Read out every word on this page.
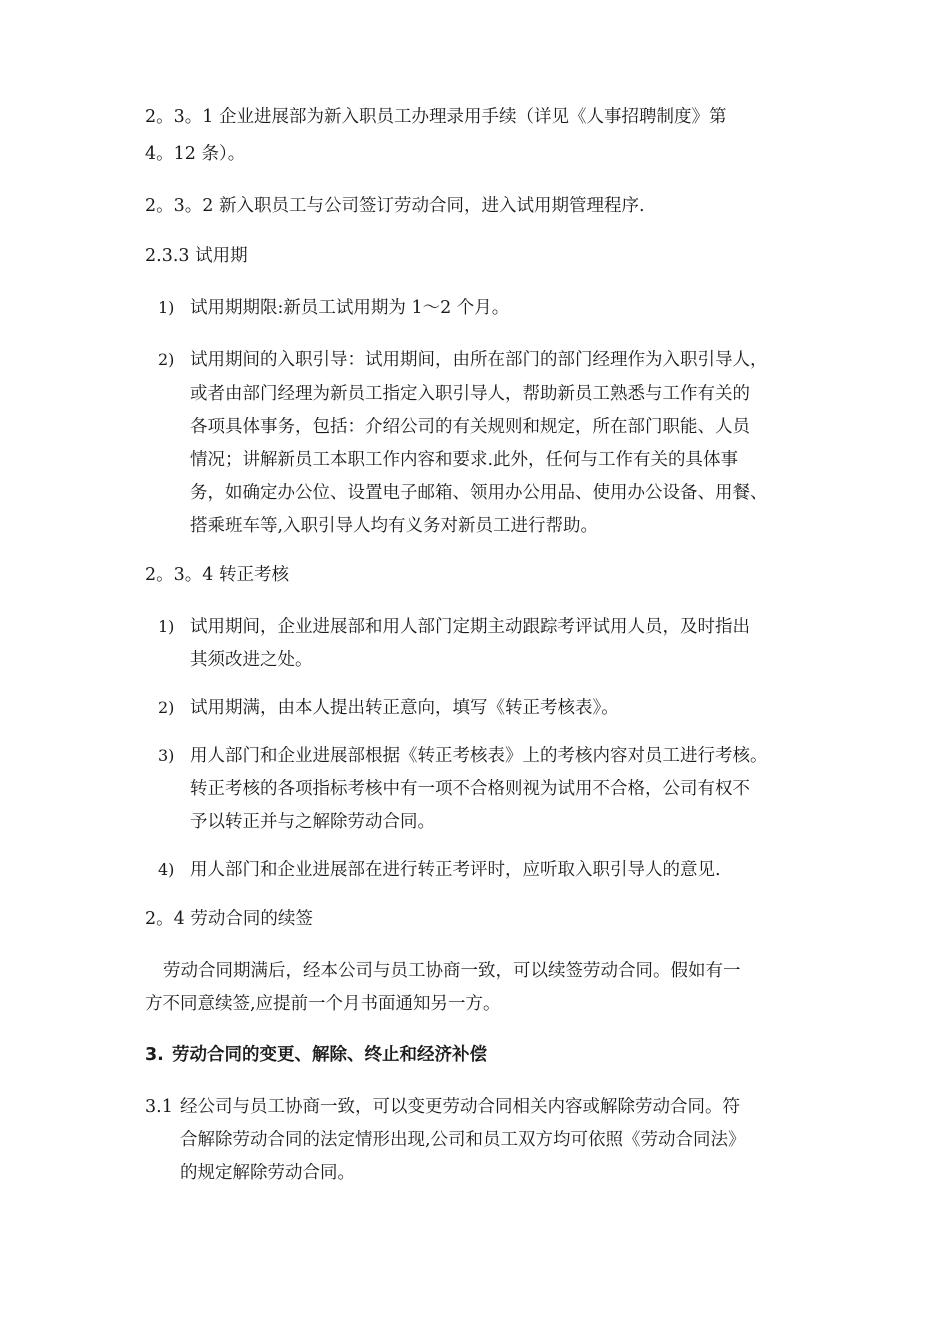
2。3。1 企业进展部为新入职员工办理录用手续（详见《人事招聘制度》第
4。12 条）。
2。3。2 新入职员工与公司签订劳动合同，进入试用期管理程序.
2.3.3 试用期
1) 试用期期限:新员工试用期为 1～2 个月。
2) 试用期间的入职引导：试用期间，由所在部门的部门经理作为入职引导人，
或者由部门经理为新员工指定入职引导人，帮助新员工熟悉与工作有关的
各项具体事务，包括：介绍公司的有关规则和规定，所在部门职能、人员
情况；讲解新员工本职工作内容和要求.此外，任何与工作有关的具体事
务，如确定办公位、设置电子邮箱、领用办公用品、使用办公设备、用餐、
搭乘班车等,入职引导人均有义务对新员工进行帮助。
2。3。4 转正考核
1) 试用期间，企业进展部和用人部门定期主动跟踪考评试用人员，及时指出
其须改进之处。
2) 试用期满，由本人提出转正意向，填写《转正考核表》。
3) 用人部门和企业进展部根据《转正考核表》上的考核内容对员工进行考核。
转正考核的各项指标考核中有一项不合格则视为试用不合格，公司有权不
予以转正并与之解除劳动合同。
4) 用人部门和企业进展部在进行转正考评时，应听取入职引导人的意见.
2。4 劳动合同的续签
劳动合同期满后，经本公司与员工协商一致，可以续签劳动合同。假如有一
方不同意续签,应提前一个月书面通知另一方。
3. 劳动合同的变更、解除、终止和经济补偿
3.1 经公司与员工协商一致，可以变更劳动合同相关内容或解除劳动合同。符
合解除劳动合同的法定情形出现,公司和员工双方均可依照《劳动合同法》
的规定解除劳动合同。
